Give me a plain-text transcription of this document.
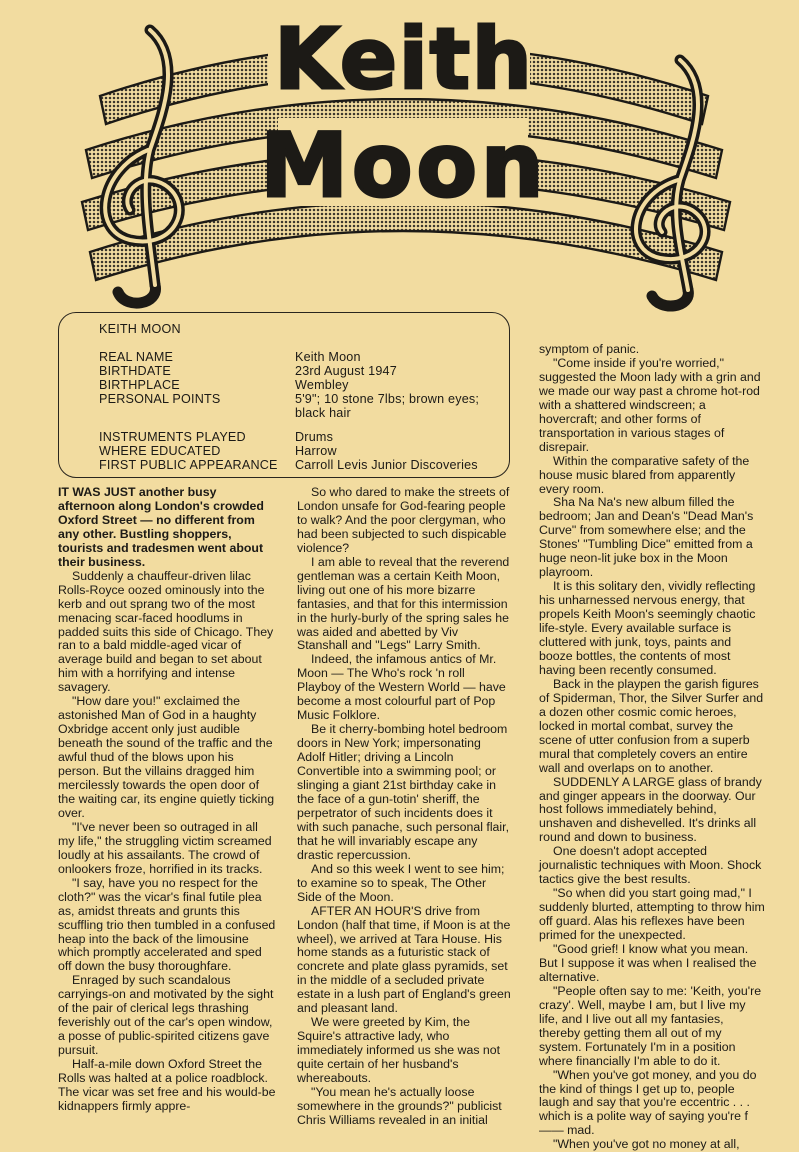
Keith
Moon
KEITH MOON
REAL NAME	Keith Moon
BIRTHDATE	23rd August 1947
BIRTHPLACE	Wembley
PERSONAL POINTS	5'9"; 10 stone 7lbs; brown eyes; black hair
INSTRUMENTS PLAYED	Drums
WHERE EDUCATED	Harrow
FIRST PUBLIC APPEARANCE	Carroll Levis Junior Discoveries

IT WAS JUST another busy afternoon along London's crowded Oxford Street — no different from any other. Bustling shoppers, tourists and tradesmen went about their business.

Suddenly a chauffeur-driven lilac Rolls-Royce oozed ominously into the kerb and out sprang two of the most menacing scar-faced hoodlums in padded suits this side of Chicago. They ran to a bald middle-aged vicar of average build and began to set about him with a horrifying and intense savagery.

"How dare you!" exclaimed the astonished Man of God in a haughty Oxbridge accent only just audible beneath the sound of the traffic and the awful thud of the blows upon his person. But the villains dragged him mercilessly towards the open door of the waiting car, its engine quietly ticking over.

"I've never been so outraged in all my life," the struggling victim screamed loudly at his assailants. The crowd of onlookers froze, horrified in its tracks.

"I say, have you no respect for the cloth?" was the vicar's final futile plea as, amidst threats and grunts this scuffling trio then tumbled in a confused heap into the back of the limousine which promptly accelerated and sped off down the busy thoroughfare.

Enraged by such scandalous carryings-on and motivated by the sight of the pair of clerical legs thrashing feverishly out of the car's open window, a posse of public-spirited citizens gave pursuit.

Half-a-mile down Oxford Street the Rolls was halted at a police roadblock. The vicar was set free and his would-be kidnappers firmly appre-

So who dared to make the streets of London unsafe for God-fearing people to walk? And the poor clergyman, who had been subjected to such dispicable violence?

I am able to reveal that the reverend gentleman was a certain Keith Moon, living out one of his more bizarre fantasies, and that for this intermission in the hurly-burly of the spring sales he was aided and abetted by Viv Stanshall and "Legs" Larry Smith.

Indeed, the infamous antics of Mr. Moon — The Who's rock 'n roll Playboy of the Western World — have become a most colourful part of Pop Music Folklore.

Be it cherry-bombing hotel bedroom doors in New York; impersonating Adolf Hitler; driving a Lincoln Convertible into a swimming pool; or slinging a giant 21st birthday cake in the face of a gun-totin' sheriff, the perpetrator of such incidents does it with such panache, such personal flair, that he will invariably escape any drastic repercussion.

And so this week I went to see him; to examine so to speak, The Other Side of the Moon.

AFTER AN HOUR'S drive from London (half that time, if Moon is at the wheel), we arrived at Tara House. His home stands as a futuristic stack of concrete and plate glass pyramids, set in the middle of a secluded private estate in a lush part of England's green and pleasant land.

We were greeted by Kim, the Squire's attractive lady, who immediately informed us she was not quite certain of her husband's whereabouts.

"You mean he's actually loose somewhere in the grounds?" publicist Chris Williams revealed in an initial

symptom of panic.

"Come inside if you're worried," suggested the Moon lady with a grin and we made our way past a chrome hot-rod with a shattered windscreen; a hovercraft; and other forms of transportation in various stages of disrepair.

Within the comparative safety of the house music blared from apparently every room.

Sha Na Na's new album filled the bedroom; Jan and Dean's "Dead Man's Curve" from somewhere else; and the Stones' "Tumbling Dice" emitted from a huge neon-lit juke box in the Moon playroom.

It is this solitary den, vividly reflecting his unharnessed nervous energy, that propels Keith Moon's seemingly chaotic life-style. Every available surface is cluttered with junk, toys, paints and booze bottles, the contents of most having been recently consumed.

Back in the playpen the garish figures of Spiderman, Thor, the Silver Surfer and a dozen other cosmic comic heroes, locked in mortal combat, survey the scene of utter confusion from a superb mural that completely covers an entire wall and overlaps on to another.

SUDDENLY A LARGE glass of brandy and ginger appears in the doorway. Our host follows immediately behind, unshaven and dishevelled. It's drinks all round and down to business.

One doesn't adopt accepted journalistic techniques with Moon. Shock tactics give the best results.

"So when did you start going mad," I suddenly blurted, attempting to throw him off guard. Alas his reflexes have been primed for the unexpected.

"Good grief! I know what you mean. But I suppose it was when I realised the alternative.

"People often say to me: 'Keith, you're crazy'. Well, maybe I am, but I live my life, and I live out all my fantasies, thereby getting them all out of my system. Fortunately I'm in a position where financially I'm able to do it.

"When you've got money, and you do the kind of things I get up to, people laugh and say that you're eccentric . . . which is a polite way of saying you're f—— mad.

"When you've got no money at all,
